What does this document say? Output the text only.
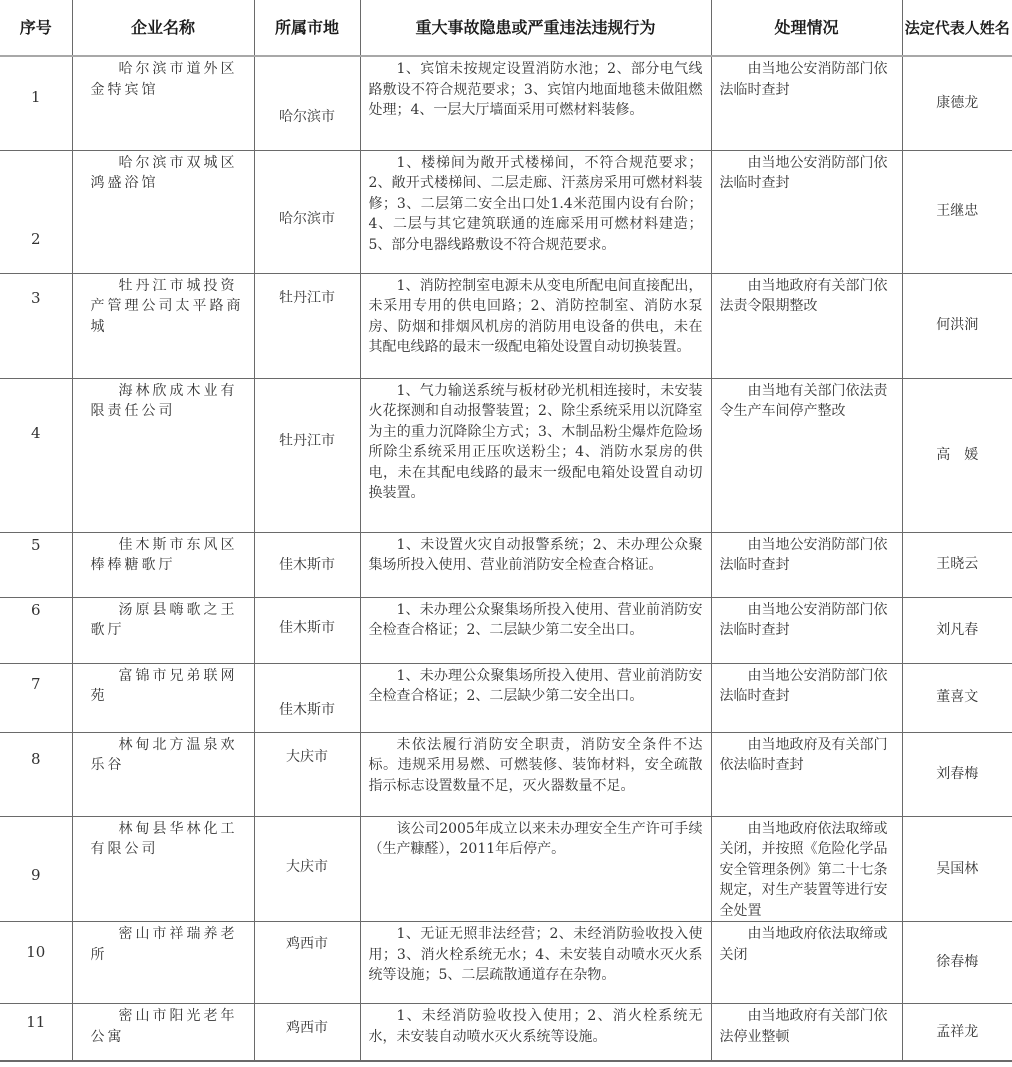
序号	企业名称	所属市地	重大事故隐患或严重违法违规行为	处理情况	法定代表人姓名
1	哈尔滨市道外区金特宾馆	哈尔滨市	1、宾馆未按规定设置消防水池；2、部分电气线路敷设不符合规范要求；3、宾馆内地面地毯未做阻燃处理；4、一层大厅墙面采用可燃材料装修。	由当地公安消防部门依法临时查封	康德龙
2	哈尔滨市双城区鸿盛浴馆	哈尔滨市	1、楼梯间为敞开式楼梯间，不符合规范要求；2、敞开式楼梯间、二层走廊、汗蒸房采用可燃材料装修；3、二层第二安全出口处1.4米范围内设有台阶；4、二层与其它建筑联通的连廊采用可燃材料建造；5、部分电器线路敷设不符合规范要求。	由当地公安消防部门依法临时查封	王继忠
3	牡丹江市城投资产管理公司太平路商城	牡丹江市	1、消防控制室电源未从变电所配电间直接配出，未采用专用的供电回路；2、消防控制室、消防水泵房、防烟和排烟风机房的消防用电设备的供电，未在其配电线路的最末一级配电箱处设置自动切换装置。	由当地政府有关部门依法责令限期整改	何洪涧
4	海林欣成木业有限责任公司	牡丹江市	1、气力输送系统与板材砂光机相连接时，未安装火花探测和自动报警装置；2、除尘系统采用以沉降室为主的重力沉降除尘方式；3、木制品粉尘爆炸危险场所除尘系统采用正压吹送粉尘；4、消防水泵房的供电，未在其配电线路的最末一级配电箱处设置自动切换装置。	由当地有关部门依法责令生产车间停产整改	高　媛
5	佳木斯市东风区棒棒糖歌厅	佳木斯市	1、未设置火灾自动报警系统；2、未办理公众聚集场所投入使用、营业前消防安全检查合格证。	由当地公安消防部门依法临时查封	王晓云
6	汤原县嗨歌之王歌厅	佳木斯市	1、未办理公众聚集场所投入使用、营业前消防安全检查合格证；2、二层缺少第二安全出口。	由当地公安消防部门依法临时查封	刘凡春
7	富锦市兄弟联网苑	佳木斯市	1、未办理公众聚集场所投入使用、营业前消防安全检查合格证；2、二层缺少第二安全出口。	由当地公安消防部门依法临时查封	董喜文
8	林甸北方温泉欢乐谷	大庆市	未依法履行消防安全职责，消防安全条件不达标。违规采用易燃、可燃装修、装饰材料，安全疏散指示标志设置数量不足，灭火器数量不足。	由当地政府及有关部门依法临时查封	刘春梅
9	林甸县华林化工有限公司	大庆市	该公司2005年成立以来未办理安全生产许可手续（生产糠醛），2011年后停产。	由当地政府依法取缔或关闭，并按照《危险化学品安全管理条例》第二十七条规定，对生产装置等进行安全处置	吴国林
10	密山市祥瑞养老所	鸡西市	1、无证无照非法经营；2、未经消防验收投入使用；3、消火栓系统无水；4、未安装自动喷水灭火系统等设施；5、二层疏散通道存在杂物。	由当地政府依法取缔或关闭	徐春梅
11	密山市阳光老年公寓	鸡西市	1、未经消防验收投入使用；2、消火栓系统无水，未安装自动喷水灭火系统等设施。	由当地政府有关部门依法停业整顿	孟祥龙
